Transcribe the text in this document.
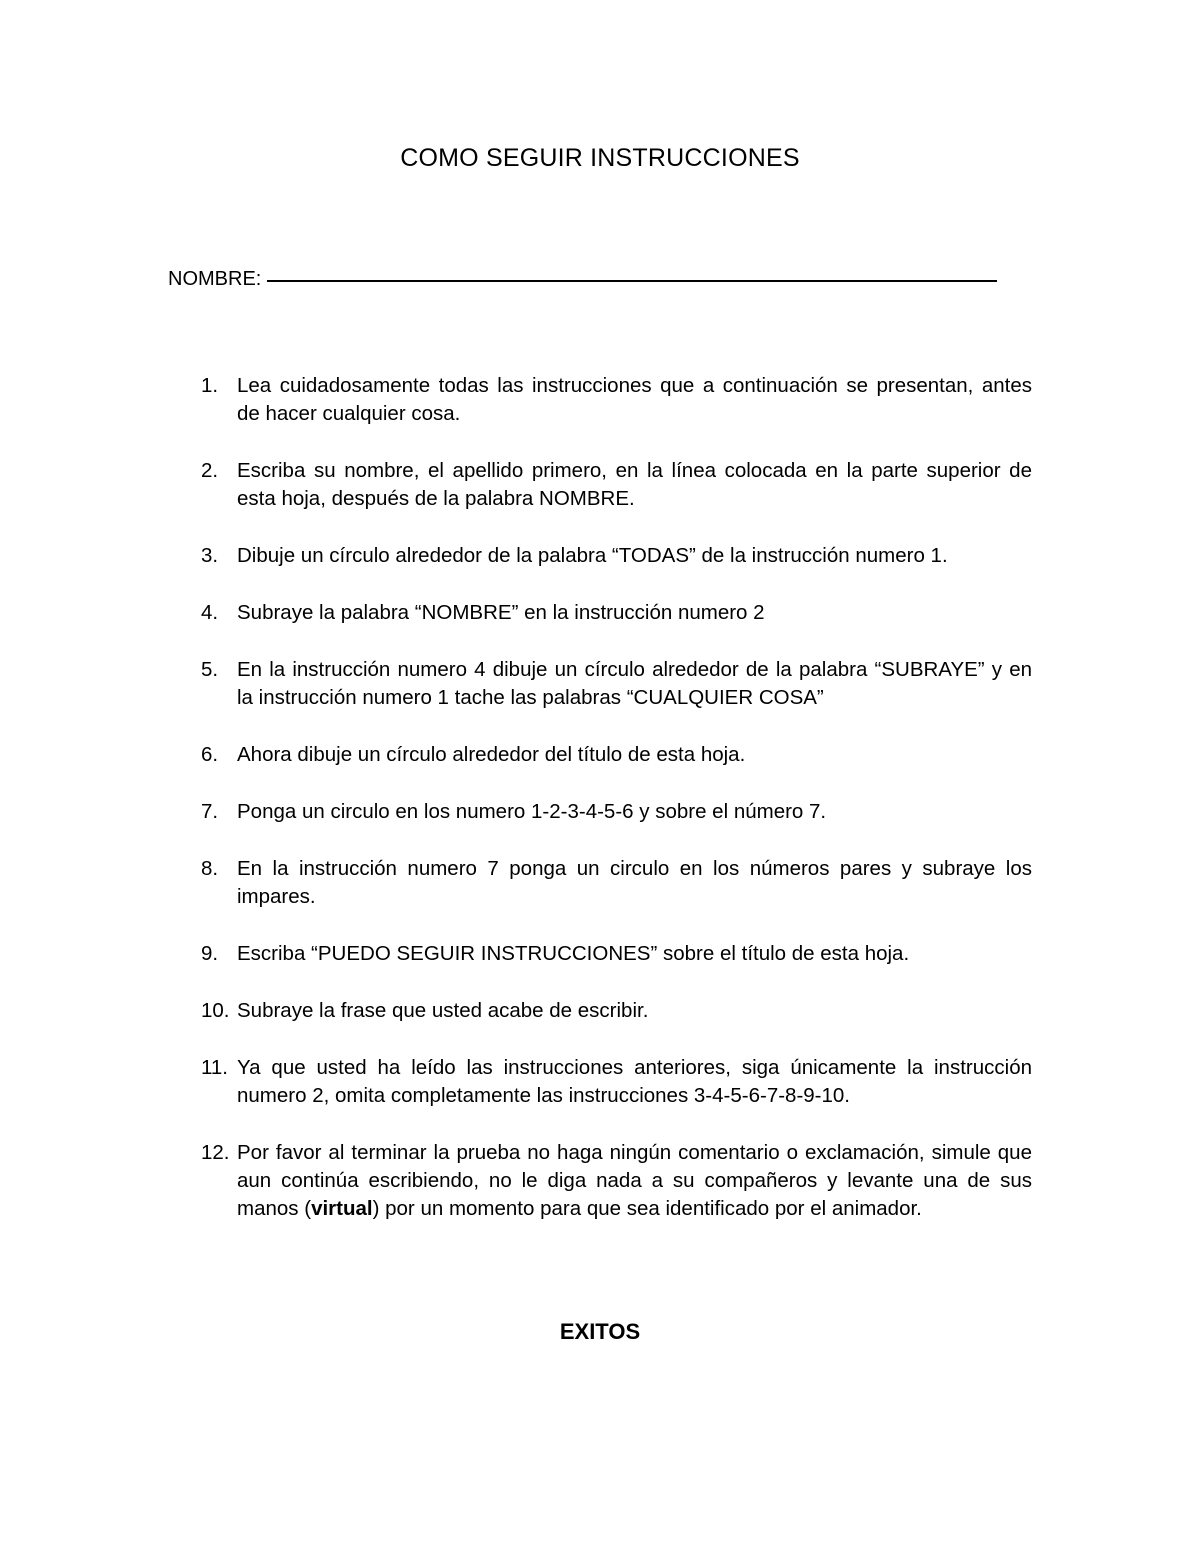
COMO SEGUIR INSTRUCCIONES
NOMBRE:
1. Lea cuidadosamente todas las instrucciones que a continuación se presentan, antes de hacer cualquier cosa.
2. Escriba su nombre, el apellido primero, en la línea colocada en la parte superior de esta hoja, después de la palabra NOMBRE.
3. Dibuje un círculo alrededor de la palabra “TODAS” de la instrucción numero 1.
4. Subraye la palabra “NOMBRE” en la instrucción numero 2
5. En la instrucción numero 4 dibuje un círculo alrededor de la palabra “SUBRAYE” y en la instrucción numero 1 tache las palabras “CUALQUIER COSA”
6. Ahora dibuje un círculo alrededor del título de esta hoja.
7. Ponga un circulo en los numero 1-2-3-4-5-6 y sobre el número 7.
8. En la instrucción numero 7 ponga un circulo en los números pares y subraye los impares.
9. Escriba “PUEDO SEGUIR INSTRUCCIONES” sobre el título de esta hoja.
10. Subraye la frase que usted acabe de escribir.
11. Ya que usted ha leído las instrucciones anteriores, siga únicamente la instrucción numero 2, omita completamente las instrucciones 3-4-5-6-7-8-9-10.
12. Por favor al terminar la prueba no haga ningún comentario o exclamación, simule que aun continúa escribiendo, no le diga nada a su compañeros y levante una de sus manos (virtual) por un momento para que sea identificado por el animador.
EXITOS
